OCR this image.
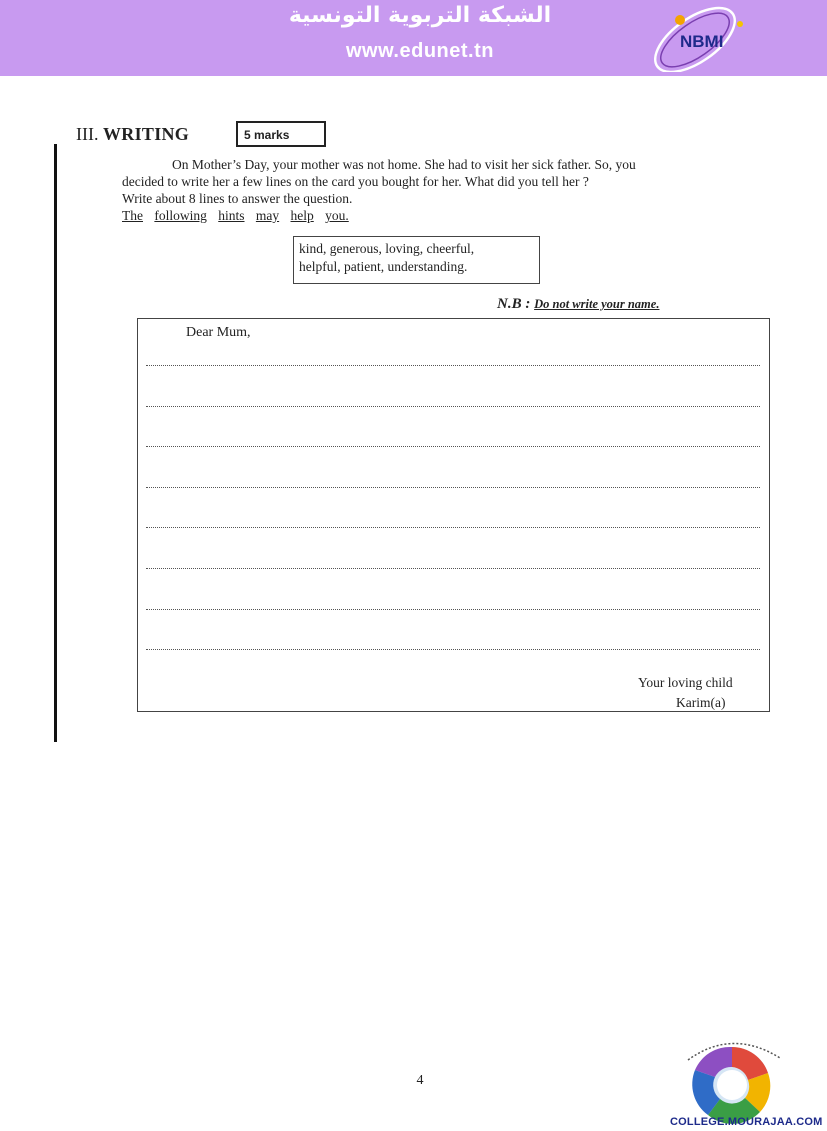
الشبكة التربوية التونسية
www.edunet.tn	NBMI
III. WRITING	5 marks

On Mother’s Day, your mother was not home. She had to visit her sick father. So, you

decided to write her a few lines on the card you bought for her. What did you tell her ?

Write about 8 lines to answer the question.

The following hints may help you.

kind, generous, loving, cheerful,
helpful, patient, understanding.
N.B : Do not write your name.
Dear Mum,
Your loving child
Karim(a)
4
COLLEGE.MOURAJAA.COM
